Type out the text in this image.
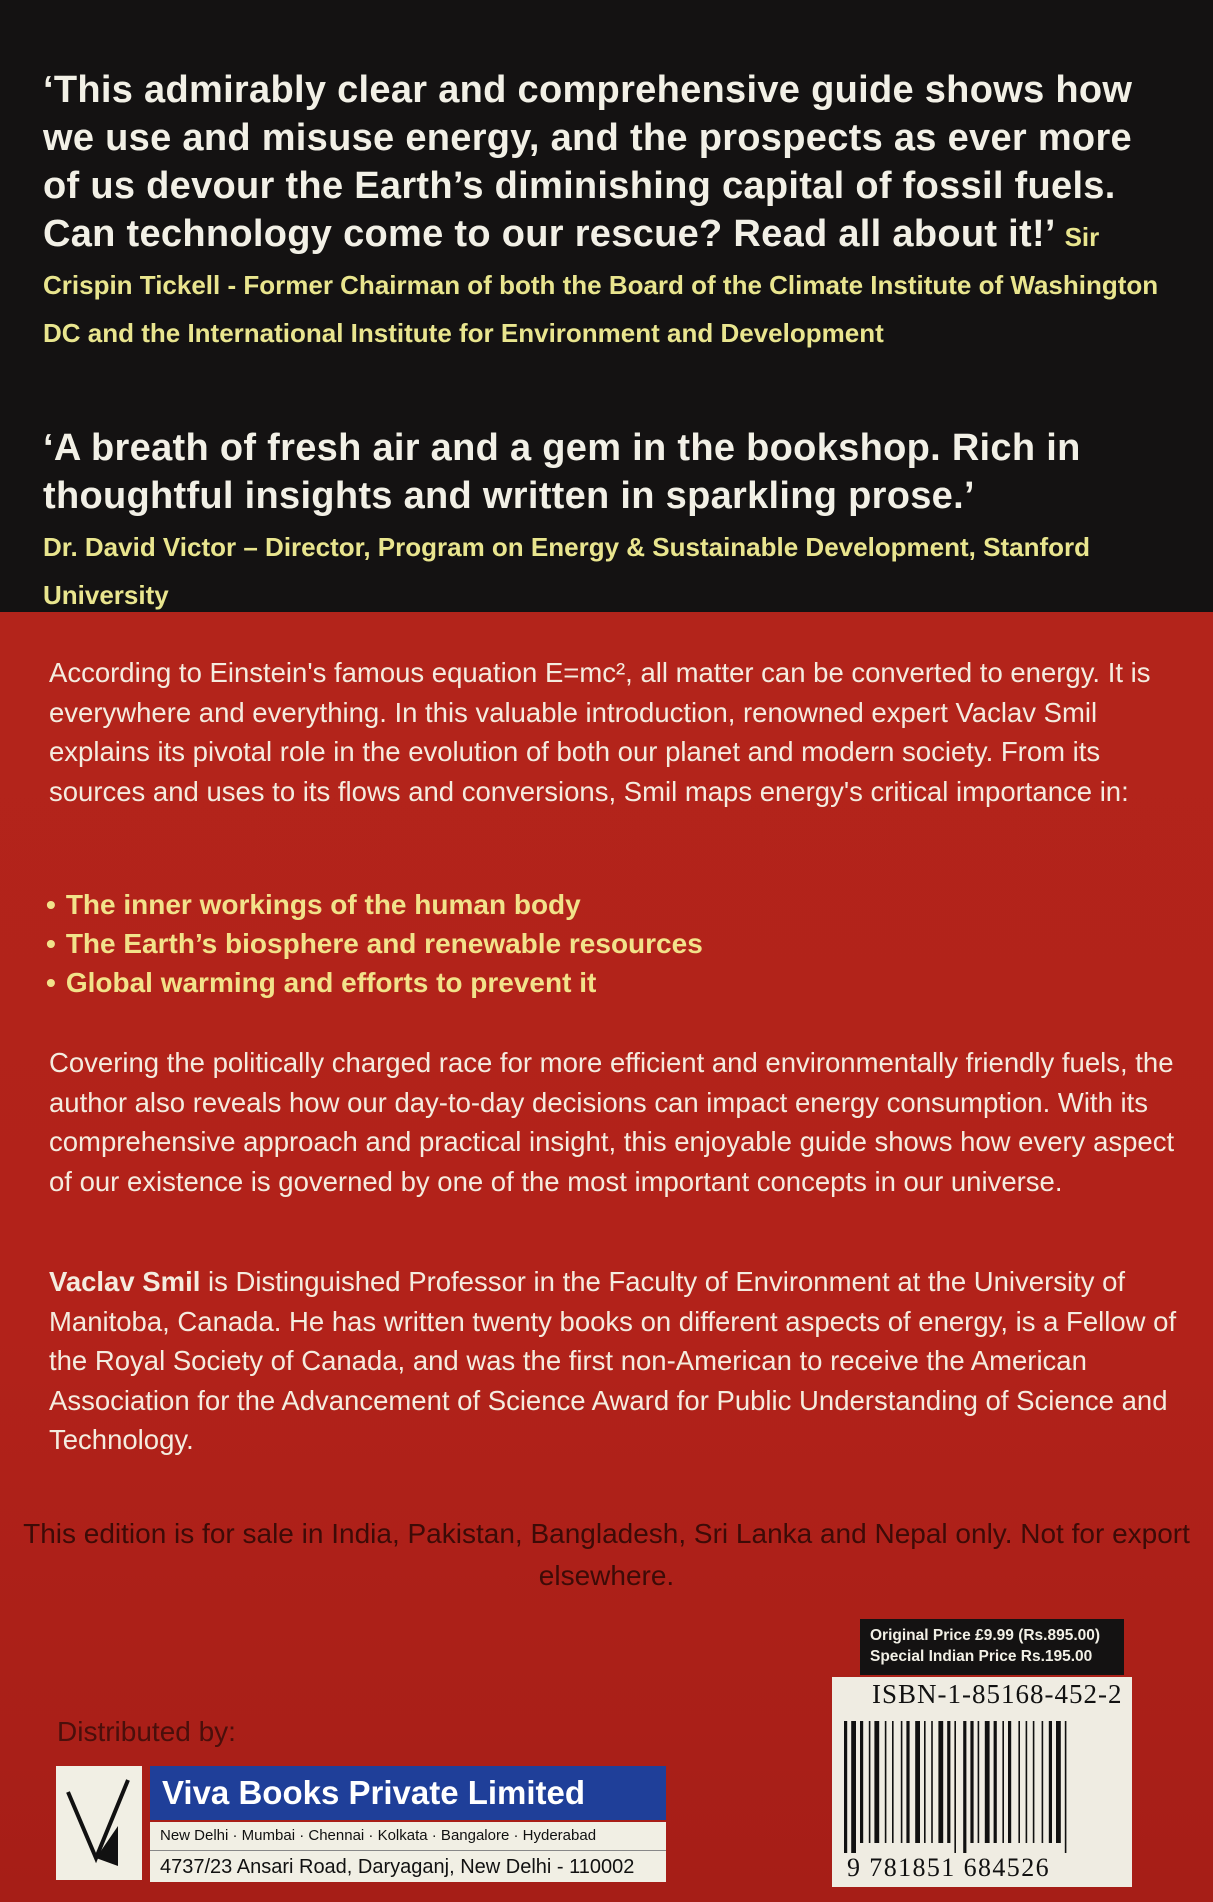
‘This admirably clear and comprehensive guide shows how we use and misuse energy, and the prospects as ever more of us devour the Earth’s diminishing capital of fossil fuels. Can technology come to our rescue? Read all about it!’ Sir Crispin Tickell - Former Chairman of both the Board of the Climate Institute of Washington DC and the International Institute for Environment and Development
‘A breath of fresh air and a gem in the bookshop. Rich in thoughtful insights and written in sparkling prose.’
Dr. David Victor – Director, Program on Energy & Sustainable Development, Stanford University
According to Einstein's famous equation E=mc², all matter can be converted to energy. It is everywhere and everything. In this valuable introduction, renowned expert Vaclav Smil explains its pivotal role in the evolution of both our planet and modern society. From its sources and uses to its flows and conversions, Smil maps energy's critical importance in:
• The inner workings of the human body
• The Earth’s biosphere and renewable resources
• Global warming and efforts to prevent it
Covering the politically charged race for more efficient and environmentally friendly fuels, the author also reveals how our day-to-day decisions can impact energy consumption. With its comprehensive approach and practical insight, this enjoyable guide shows how every aspect of our existence is governed by one of the most important concepts in our universe.
Vaclav Smil is Distinguished Professor in the Faculty of Environment at the University of Manitoba, Canada. He has written twenty books on different aspects of energy, is a Fellow of the Royal Society of Canada, and was the first non-American to receive the American Association for the Advancement of Science Award for Public Understanding of Science and Technology.
This edition is for sale in India, Pakistan, Bangladesh, Sri Lanka and Nepal only. Not for export elsewhere.
Original Price £9.99 (Rs.895.00)
Special Indian Price Rs.195.00
ISBN-1-85168-452-2
9 781851 684526
Distributed by:
Viva Books Private Limited
New Delhi · Mumbai · Chennai · Kolkata · Bangalore · Hyderabad
4737/23 Ansari Road, Daryaganj, New Delhi - 110002
